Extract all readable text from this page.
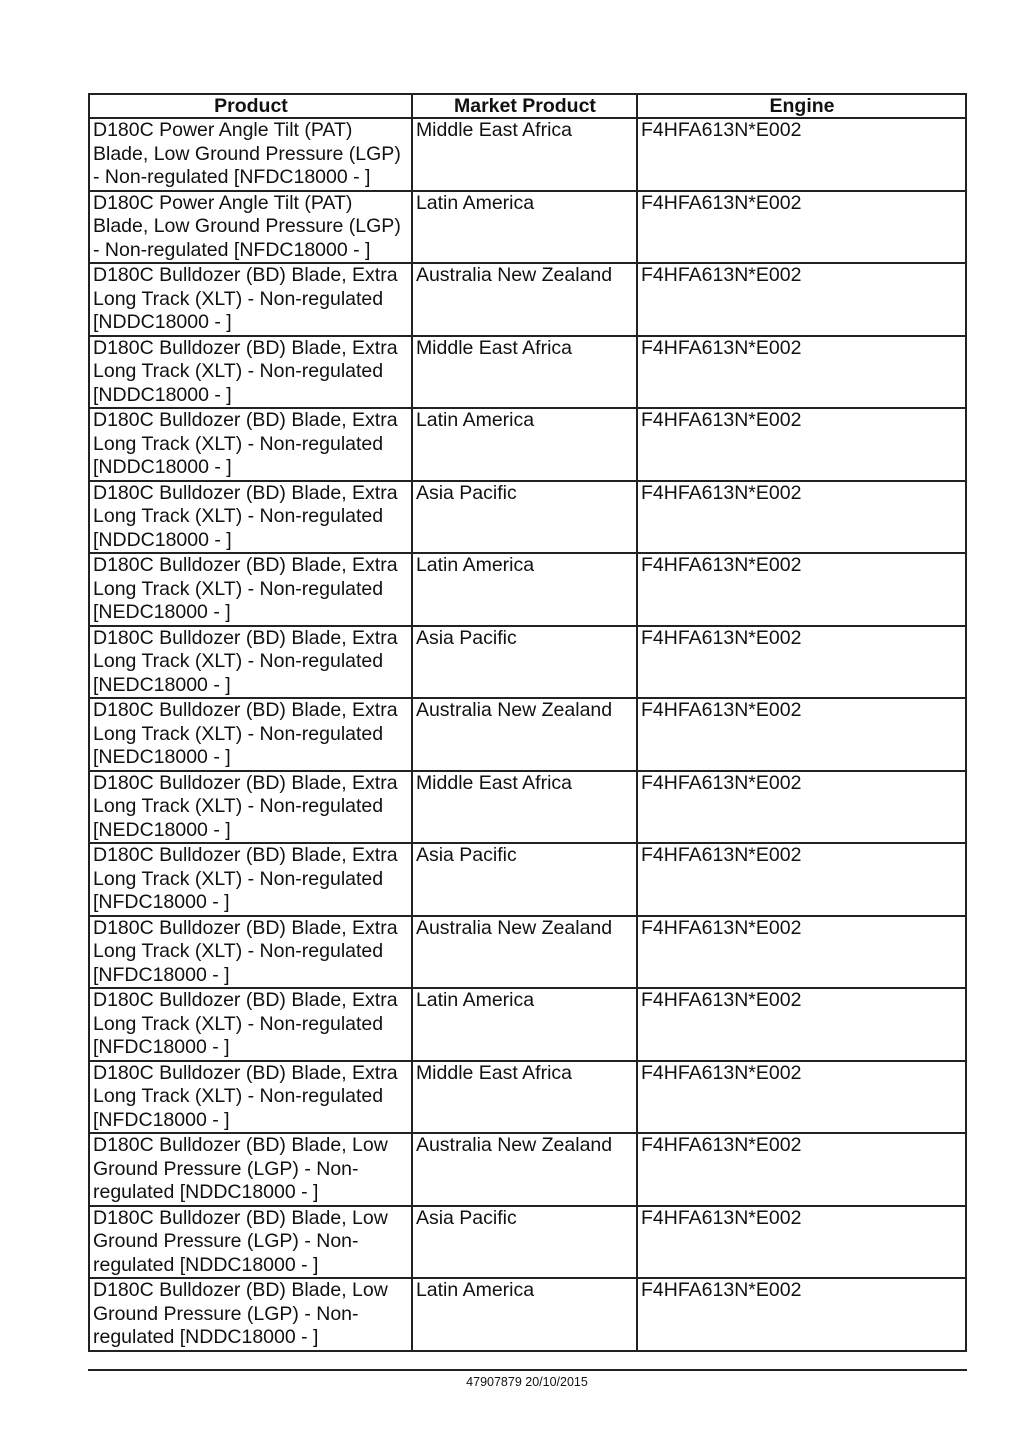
Product	Market Product	Engine
D180C Power Angle Tilt (PAT) Blade, Low Ground Pressure (LGP) - Non-regulated [NFDC18000 - ]	Middle East Africa	F4HFA613N*E002
D180C Power Angle Tilt (PAT) Blade, Low Ground Pressure (LGP) - Non-regulated [NFDC18000 - ]	Latin America	F4HFA613N*E002
D180C Bulldozer (BD) Blade, Extra Long Track (XLT) - Non-regulated [NDDC18000 - ]	Australia New Zealand	F4HFA613N*E002
D180C Bulldozer (BD) Blade, Extra Long Track (XLT) - Non-regulated [NDDC18000 - ]	Middle East Africa	F4HFA613N*E002
D180C Bulldozer (BD) Blade, Extra Long Track (XLT) - Non-regulated [NDDC18000 - ]	Latin America	F4HFA613N*E002
D180C Bulldozer (BD) Blade, Extra Long Track (XLT) - Non-regulated [NDDC18000 - ]	Asia Pacific	F4HFA613N*E002
D180C Bulldozer (BD) Blade, Extra Long Track (XLT) - Non-regulated [NEDC18000 - ]	Latin America	F4HFA613N*E002
D180C Bulldozer (BD) Blade, Extra Long Track (XLT) - Non-regulated [NEDC18000 - ]	Asia Pacific	F4HFA613N*E002
D180C Bulldozer (BD) Blade, Extra Long Track (XLT) - Non-regulated [NEDC18000 - ]	Australia New Zealand	F4HFA613N*E002
D180C Bulldozer (BD) Blade, Extra Long Track (XLT) - Non-regulated [NEDC18000 - ]	Middle East Africa	F4HFA613N*E002
D180C Bulldozer (BD) Blade, Extra Long Track (XLT) - Non-regulated [NFDC18000 - ]	Asia Pacific	F4HFA613N*E002
D180C Bulldozer (BD) Blade, Extra Long Track (XLT) - Non-regulated [NFDC18000 - ]	Australia New Zealand	F4HFA613N*E002
D180C Bulldozer (BD) Blade, Extra Long Track (XLT) - Non-regulated [NFDC18000 - ]	Latin America	F4HFA613N*E002
D180C Bulldozer (BD) Blade, Extra Long Track (XLT) - Non-regulated [NFDC18000 - ]	Middle East Africa	F4HFA613N*E002
D180C Bulldozer (BD) Blade, Low Ground Pressure (LGP) - Non-regulated [NDDC18000 - ]	Australia New Zealand	F4HFA613N*E002
D180C Bulldozer (BD) Blade, Low Ground Pressure (LGP) - Non-regulated [NDDC18000 - ]	Asia Pacific	F4HFA613N*E002
D180C Bulldozer (BD) Blade, Low Ground Pressure (LGP) - Non-regulated [NDDC18000 - ]	Latin America	F4HFA613N*E002
47907879 20/10/2015
